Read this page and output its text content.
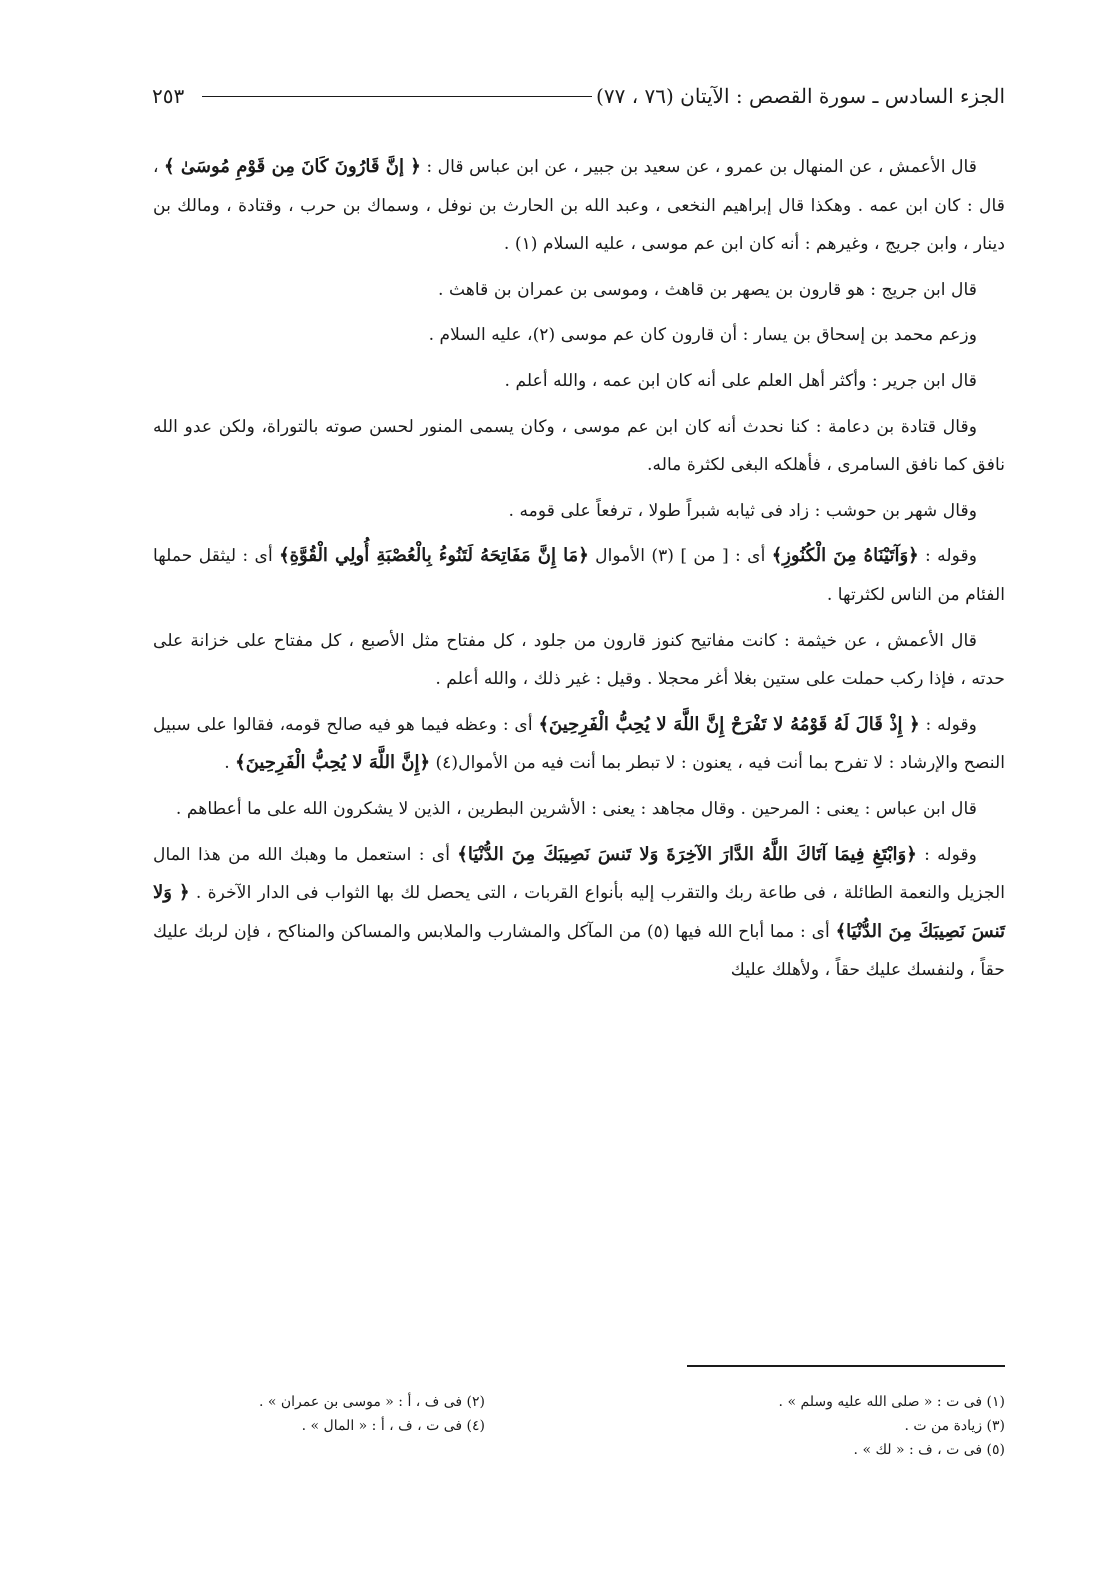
الجزء السادس ـ سورة القصص : الآيتان (٧٦ ، ٧٧)
٢٥٣

قال الأعمش ، عن المنهال بن عمرو ، عن سعيد بن جبير ، عن ابن عباس قال : ﴿ إنَّ قَارُونَ كَانَ مِن قَوْمِ مُوسَىٰ ﴾ ، قال : كان ابن عمه . وهكذا قال إبراهيم النخعى ، وعبد الله بن الحارث بن نوفل ، وسماك بن حرب ، وقتادة ، ومالك بن دينار ، وابن جريج ، وغيرهم : أنه كان ابن عم موسى ، عليه السلام (١) .

قال ابن جريج : هو قارون بن يصهر بن قاهث ، وموسى بن عمران بن قاهث .

وزعم محمد بن إسحاق بن يسار : أن قارون كان عم موسى (٢)، عليه السلام .

قال ابن جرير : وأكثر أهل العلم على أنه كان ابن عمه ، والله أعلم .

وقال قتادة بن دعامة : كنا نحدث أنه كان ابن عم موسى ، وكان يسمى المنور لحسن صوته بالتوراة، ولكن عدو الله نافق كما نافق السامرى ، فأهلكه البغى لكثرة ماله.

وقال شهر بن حوشب : زاد فى ثيابه شبراً طولا ، ترفعاً على قومه .

وقوله : ﴿وَآتَيْنَاهُ مِنَ الْكُنُوزِ﴾ أى : [ من ] (٣) الأموال ﴿مَا إِنَّ مَفَاتِحَهُ لَتَنُوءُ بِالْعُصْبَةِ أُولِي الْقُوَّةِ﴾ أى : ليثقل حملها الفئام من الناس لكثرتها .

قال الأعمش ، عن خيثمة : كانت مفاتيح كنوز قارون من جلود ، كل مفتاح مثل الأصبع ، كل مفتاح على خزانة على حدته ، فإذا ركب حملت على ستين بغلا أغر محجلا . وقيل : غير ذلك ، والله أعلم .

وقوله : ﴿ إِذْ قَالَ لَهُ قَوْمُهُ لا تَفْرَحْ إِنَّ اللَّهَ لا يُحِبُّ الْفَرِحِينَ﴾ أى : وعظه فيما هو فيه صالح قومه، فقالوا على سبيل النصح والإرشاد : لا تفرح بما أنت فيه ، يعنون : لا تبطر بما أنت فيه من الأموال(٤) ﴿إِنَّ اللَّهَ لا يُحِبُّ الْفَرِحِينَ﴾ .

قال ابن عباس : يعنى : المرحين . وقال مجاهد : يعنى : الأشرين البطرين ، الذين لا يشكرون الله على ما أعطاهم .

وقوله : ﴿وَابْتَغِ فِيمَا آتَاكَ اللَّهُ الدَّارَ الآخِرَةَ وَلا تَنسَ نَصِيبَكَ مِنَ الدُّنْيَا﴾ أى : استعمل ما وهبك الله من هذا المال الجزيل والنعمة الطائلة ، فى طاعة ربك والتقرب إليه بأنواع القربات ، التى يحصل لك بها الثواب فى الدار الآخرة . ﴿ وَلا تَنسَ نَصِيبَكَ مِنَ الدُّنْيَا﴾ أى : مما أباح الله فيها (٥) من المآكل والمشارب والملابس والمساكن والمناكح ، فإن لربك عليك حقاً ، ولنفسك عليك حقاً ، ولأهلك عليك

(١) فى ت : « صلى الله عليه وسلم » .
(٣) زيادة من ت .
(٥) فى ت ، ف : « لك » .
(٢) فى ف ، أ : « موسى بن عمران » .
(٤) فى ت ، ف ، أ : « المال » .
